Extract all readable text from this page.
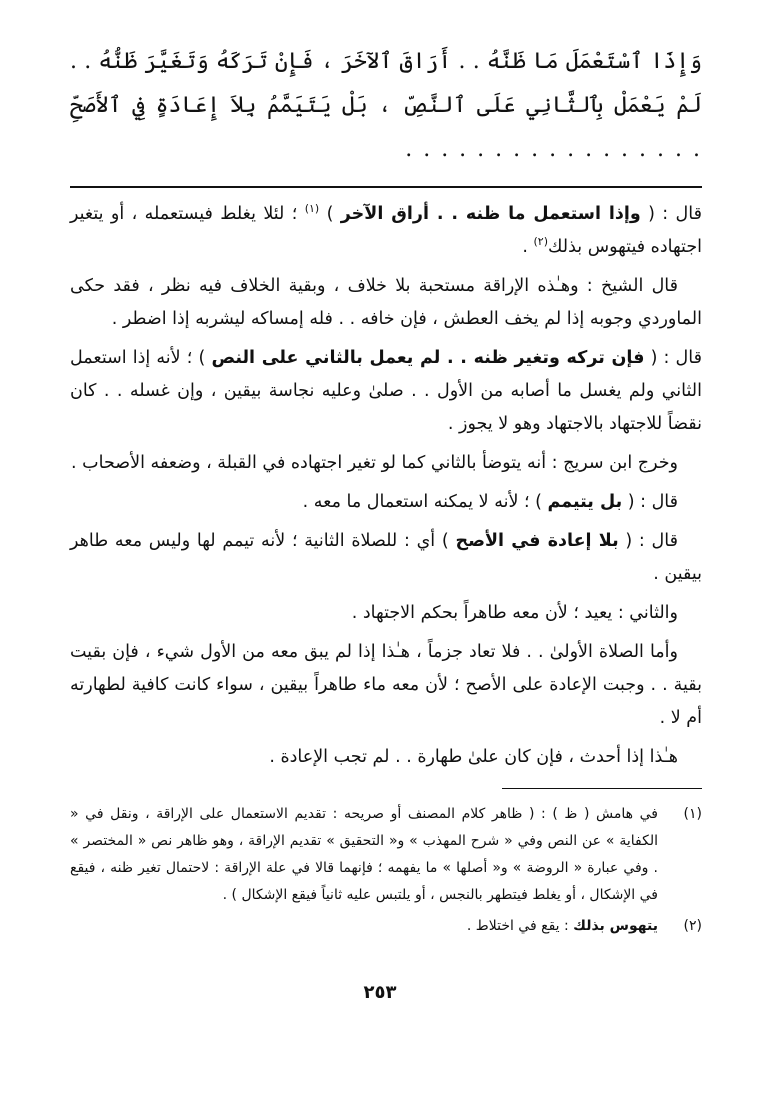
وَإِذَا ٱسْتَعْمَلَ مَا ظَنَّهُ . . أَرَاقَ ٱلآخَرَ ، فَإِنْ تَرَكَهُ وَتَغَيَّرَ ظَنُّهُ . . لَمْ يَعْمَلْ بِٱلثَّانِي عَلَى ٱلنَّصِّ ، بَلْ يَتَيَمَّمُ بِلاَ إِعَادَةٍ فِي ٱلأَصَحِّ . . . . . . . . . . . . . . . . .

قال : ( وإذا استعمل ما ظنه . . أراق الآخر ) $^{(١)}$ ؛ لئلا يغلط فيستعمله ، أو يتغير اجتهاده فيتهوس بذلك$^{(٢)}$ .

قال الشيخ : وهـٰذه الإراقة مستحبة بلا خلاف ، وبقية الخلاف فيه نظر ، فقد حكى الماوردي وجوبه إذا لم يخف العطش ، فإن خافه . . فله إمساكه ليشربه إذا اضطر .

قال : ( فإن تركه وتغير ظنه . . لم يعمل بالثاني على النص ) ؛ لأنه إذا استعمل الثاني ولم يغسل ما أصابه من الأول . . صلىٰ وعليه نجاسة بيقين ، وإن غسله . . كان نقضاً للاجتهاد بالاجتهاد وهو لا يجوز .

وخرج ابن سريج : أنه يتوضأ بالثاني كما لو تغير اجتهاده في القبلة ، وضعفه الأصحاب .

قال : ( بل يتيمم ) ؛ لأنه لا يمكنه استعمال ما معه .

قال : ( بلا إعادة في الأصح ) أي : للصلاة الثانية ؛ لأنه تيمم لها وليس معه طاهر بيقين .

والثاني : يعيد ؛ لأن معه طاهراً بحكم الاجتهاد .

وأما الصلاة الأولىٰ . . فلا تعاد جزماً ، هـٰذا إذا لم يبق معه من الأول شيء ، فإن بقيت بقية . . وجبت الإعادة على الأصح ؛ لأن معه ماء طاهراً بيقين ، سواء كانت كافية لطهارته أم لا .

هـٰذا إذا أحدث ، فإن كان علىٰ طهارة . . لم تجب الإعادة .

(١)
في هامش ( ظ ) : ( ظاهر كلام المصنف أو صريحه : تقديم الاستعمال على الإراقة ، ونقل في « الكفاية » عن النص وفي « شرح المهذب » و« التحقيق » تقديم الإراقة ، وهو ظاهر نص « المختصر » . وفي عبارة « الروضة » و« أصلها » ما يفهمه ؛ فإنهما قالا في علة الإراقة : لاحتمال تغير ظنه ، فيقع في الإشكال ، أو يغلط فيتطهر بالنجس ، أو يلتبس عليه ثانياً فيقع الإشكال ) .
(٢)
يتهوس بذلك : يقع في اختلاط .
٢٥٣
